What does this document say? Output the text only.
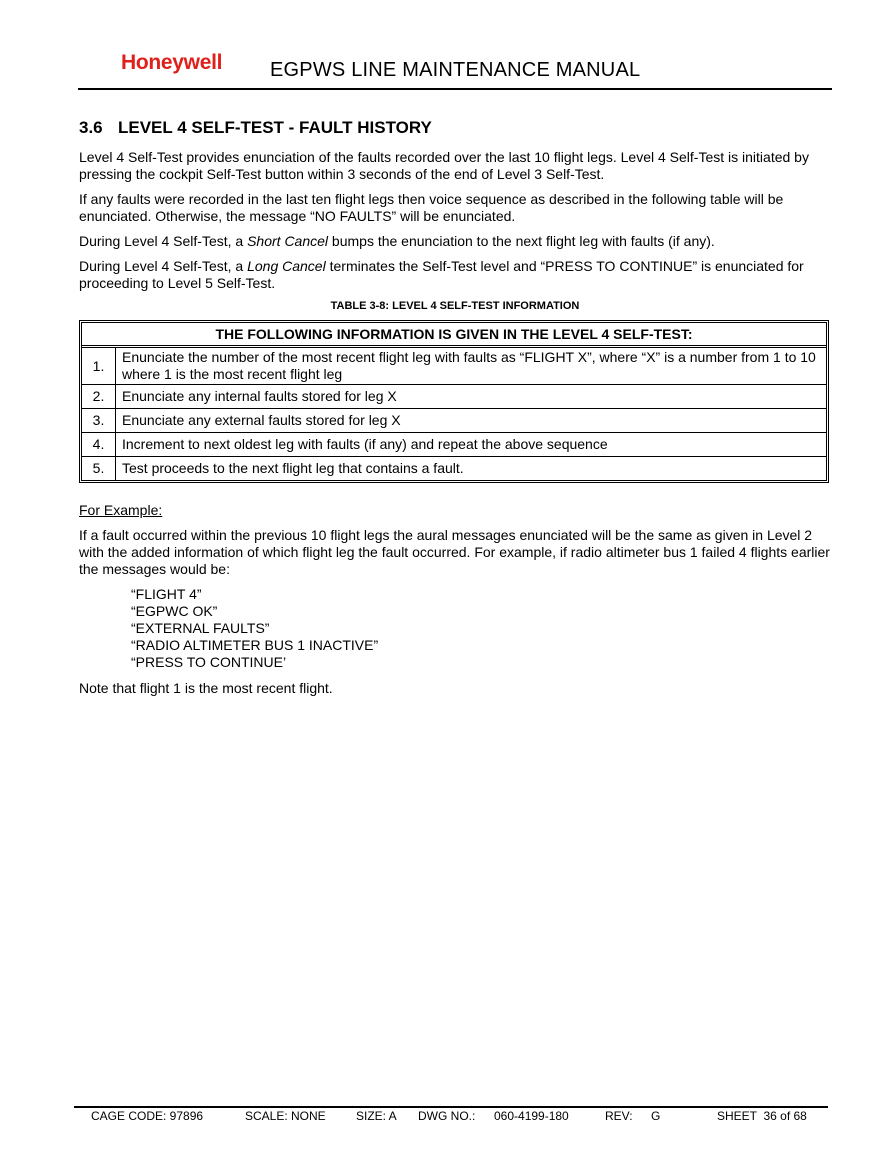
Honeywell EGPWS LINE MAINTENANCE MANUAL
3.6 LEVEL 4 SELF-TEST - FAULT HISTORY

Level 4 Self-Test provides enunciation of the faults recorded over the last 10 flight legs. Level 4 Self-Test is initiated by pressing the cockpit Self-Test button within 3 seconds of the end of Level 3 Self-Test.

If any faults were recorded in the last ten flight legs then voice sequence as described in the following table will be enunciated. Otherwise, the message “NO FAULTS” will be enunciated.

During Level 4 Self-Test, a Short Cancel bumps the enunciation to the next flight leg with faults (if any).

During Level 4 Self-Test, a Long Cancel terminates the Self-Test level and “PRESS TO CONTINUE” is enunciated for proceeding to Level 5 Self-Test.

TABLE 3-8: LEVEL 4 SELF-TEST INFORMATION
THE FOLLOWING INFORMATION IS GIVEN IN THE LEVEL 4 SELF-TEST:	
1.	Enunciate the number of the most recent flight leg with faults as “FLIGHT X”, where “X” is a number from 1 to 10 where 1 is the most recent flight leg
2.	Enunciate any internal faults stored for leg X
3.	Enunciate any external faults stored for leg X
4.	Increment to next oldest leg with faults (if any) and repeat the above sequence
5.	Test proceeds to the next flight leg that contains a fault.
For Example:

If a fault occurred within the previous 10 flight legs the aural messages enunciated will be the same as given in Level 2 with the added information of which flight leg the fault occurred. For example, if radio altimeter bus 1 failed 4 flights earlier the messages would be:

“FLIGHT 4”
“EGPWC OK”
“EXTERNAL FAULTS”
“RADIO ALTIMETER BUS 1 INACTIVE”
“PRESS TO CONTINUE’

Note that flight 1 is the most recent flight.

CAGE CODE: 97896	SCALE: NONE	SIZE: A DWG NO.: 060-4199-180	REV: G	SHEET  36 of 68
